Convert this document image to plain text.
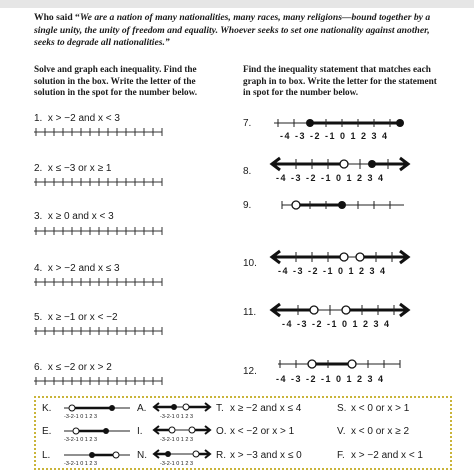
Who said “We are a nation of many nationalities, many races, many religions—bound together by a single unity, the unity of freedom and equality. Whoever seeks to set one nationality against another, seeks to degrade all nationalities.”
Solve and graph each inequality. Find the solution in the box. Write the letter of the solution in the spot for the number below.
Find the inequality statement that matches each graph in to box. Write the letter for the statement in spot for the number below.
1. x > −2 and x < 3
2. x ≤ −3 or x ≥ 1
3. x ≥ 0 and x < 3
4. x > −2 and x ≤ 3
5. x ≥ −1 or x < −2
6. x ≤ −2 or x > 2
7.
-4 -3 -2 -1 0 1 2 3 4
8.
-4 -3 -2 -1 0 1 2 3 4
9.
10.
-4 -3 -2 -1 0 1 2 3 4
11.
-4 -3 -2 -1 0 1 2 3 4
12.
-4 -3 -2 -1 0 1 2 3 4
K.
-3-2-1 0 1 2 3
A.
-3-2-1 0 1 2 3
E.
-3-2-1 0 1 2 3
I.
-3-2-1 0 1 2 3
L.
-3-2-1 0 1 2 3
N.
-3-2-1 0 1 2 3
T. x ≥ −2 and x ≤ 4	S. x < 0 or x > 1
O. x < −2 or x > 1	V. x < 0 or x ≥ 2
R. x > −3 and x ≤ 0	F. x > −2 and x < 1
